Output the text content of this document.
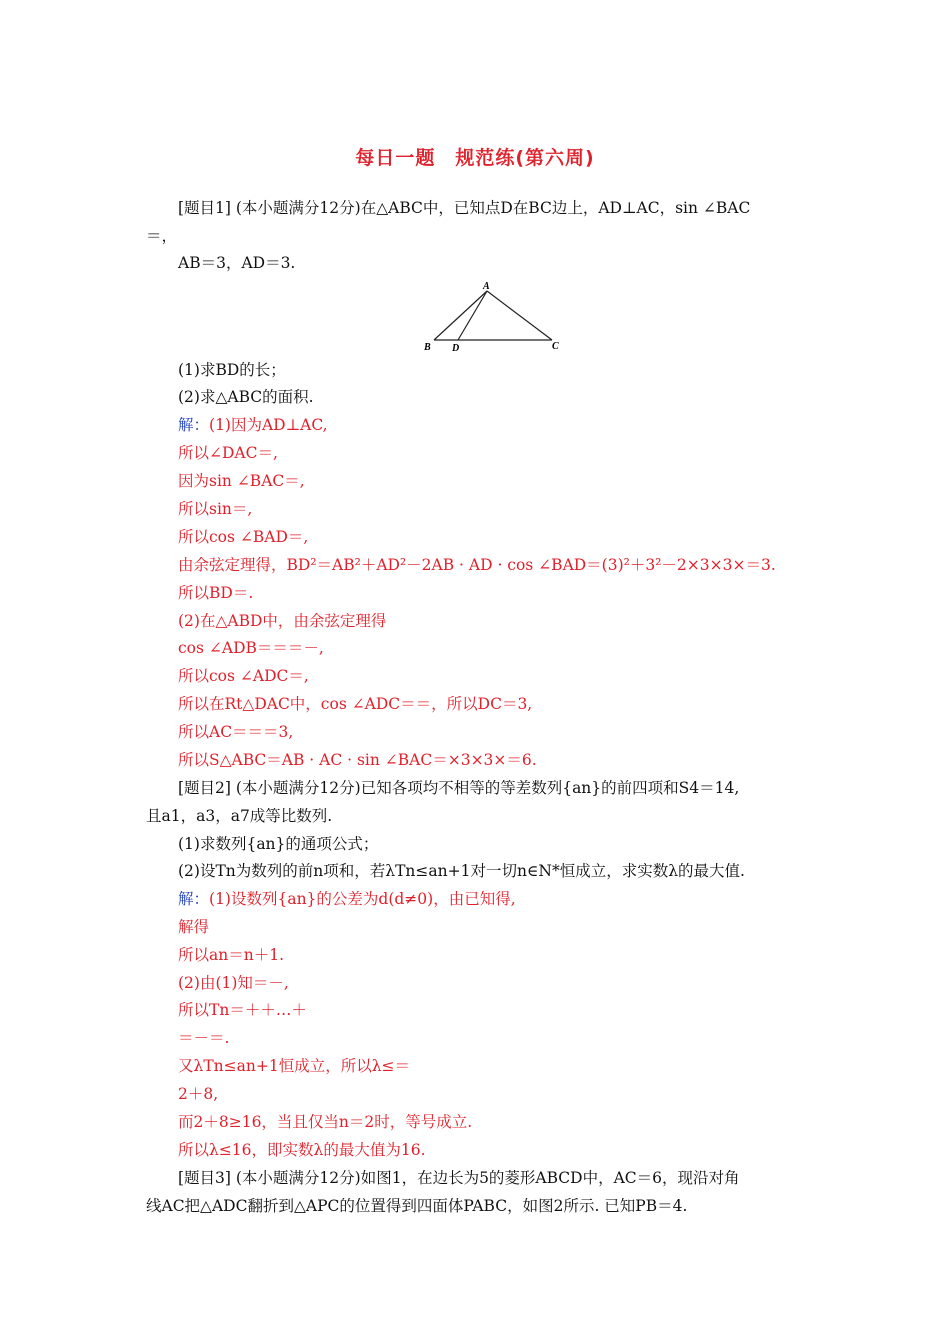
每日一题　规范练(第六周)
[题目1] (本小题满分12分)在△ABC中，已知点D在BC边上，AD⊥AC，sin ∠BAC
＝，
AB＝3，AD＝3.
A
B D	C
(1)求BD的长；
(2)求△ABC的面积.
解：(1)因为AD⊥AC,
所以∠DAC＝,
因为sin ∠BAC＝,
所以sin＝,
所以cos ∠BAD＝,
由余弦定理得，BD²＝AB²＋AD²－2AB · AD · cos ∠BAD＝(3)²＋3²－2×3×3×＝3.
所以BD＝.
(2)在△ABD中，由余弦定理得
cos ∠ADB＝＝＝－,
所以cos ∠ADC＝,
所以在Rt△DAC中，cos ∠ADC＝＝，所以DC＝3,
所以AC＝＝＝3,
所以S△ABC＝AB · AC · sin ∠BAC＝×3×3×＝6.
[题目2] (本小题满分12分)已知各项均不相等的等差数列{an}的前四项和S4＝14,
且a1，a3，a7成等比数列.
(1)求数列{an}的通项公式；
(2)设Tn为数列的前n项和，若λTn≤an+1对一切n∈N*恒成立，求实数λ的最大值.
解：(1)设数列{an}的公差为d(d≠0)，由已知得,
解得
所以an＝n＋1.
(2)由(1)知＝－,
所以Tn＝＋＋…＋
＝－＝.
又λTn≤an+1恒成立，所以λ≤＝
2＋8,
而2＋8≥16，当且仅当n＝2时，等号成立.
所以λ≤16，即实数λ的最大值为16.
[题目3] (本小题满分12分)如图1，在边长为5的菱形ABCD中，AC＝6，现沿对角
线AC把△ADC翻折到△APC的位置得到四面体PABC，如图2所示. 已知PB＝4.
